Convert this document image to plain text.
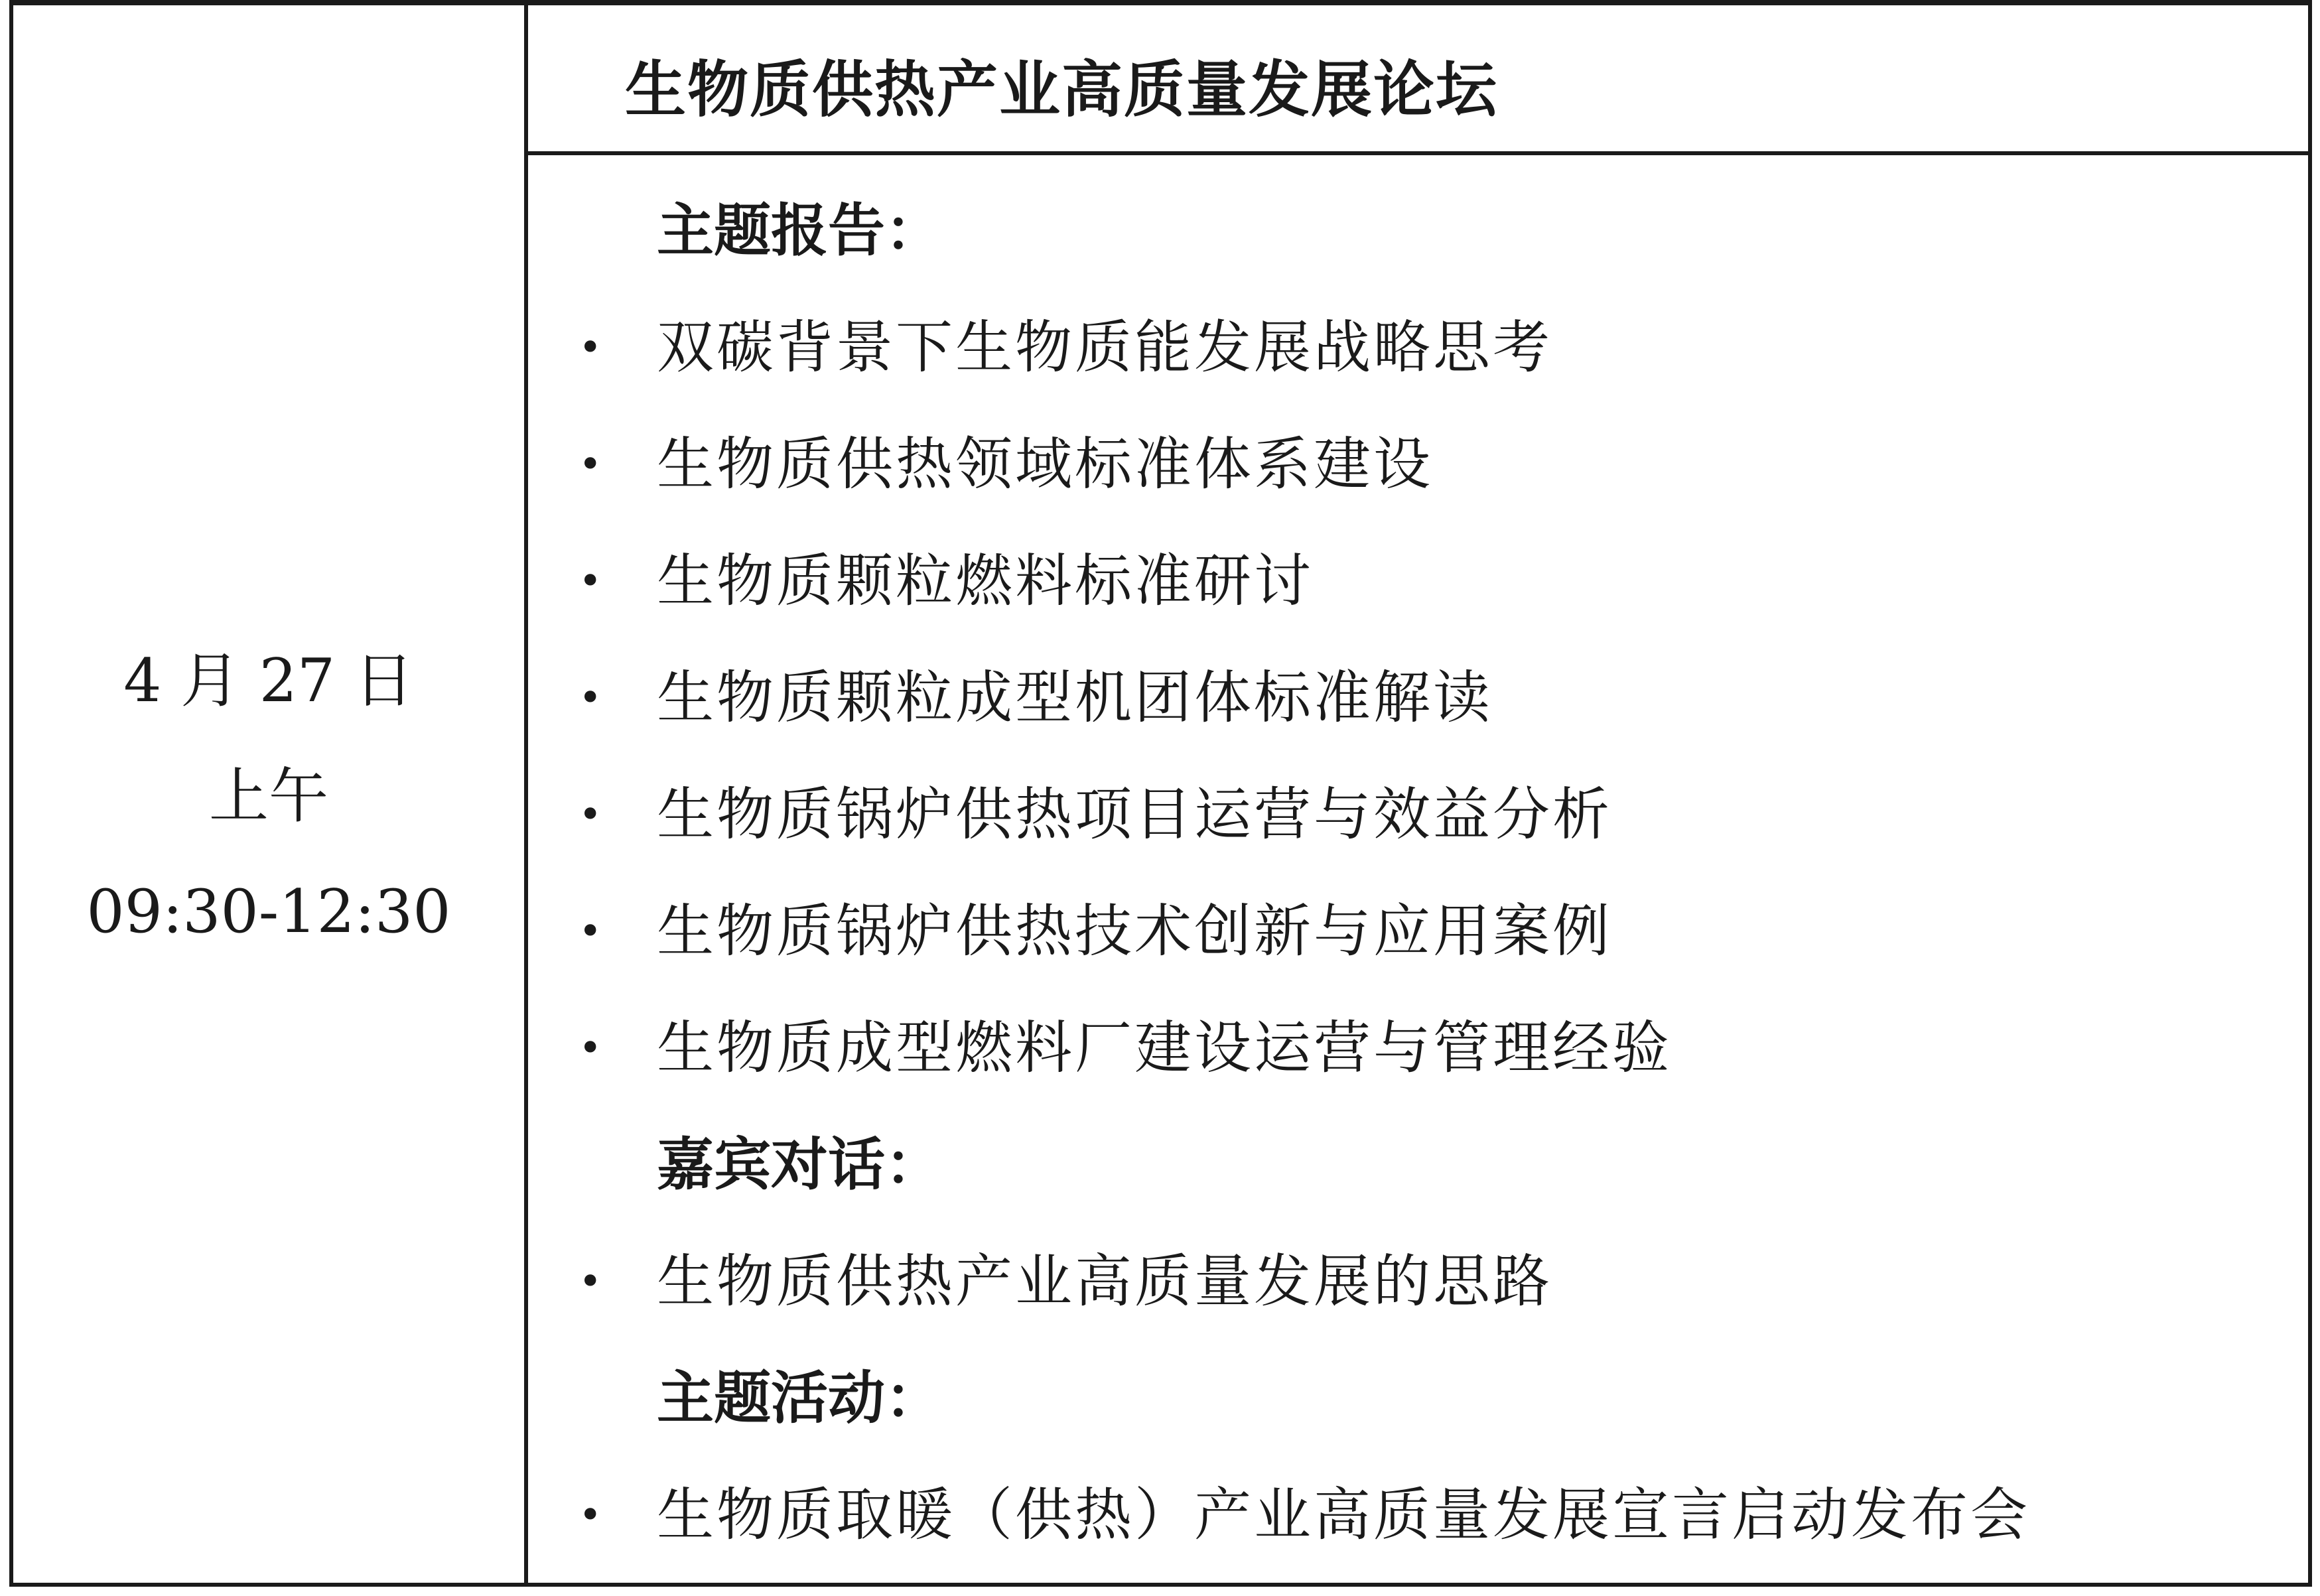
4 月 27 日
上午
09:30-12:30
生物质供热产业高质量发展论坛
主题报告：
• 双碳背景下生物质能发展战略思考
• 生物质供热领域标准体系建设
• 生物质颗粒燃料标准研讨
• 生物质颗粒成型机团体标准解读
• 生物质锅炉供热项目运营与效益分析
• 生物质锅炉供热技术创新与应用案例
• 生物质成型燃料厂建设运营与管理经验
嘉宾对话：
• 生物质供热产业高质量发展的思路
主题活动：
• 生物质取暖（供热）产业高质量发展宣言启动发布会
